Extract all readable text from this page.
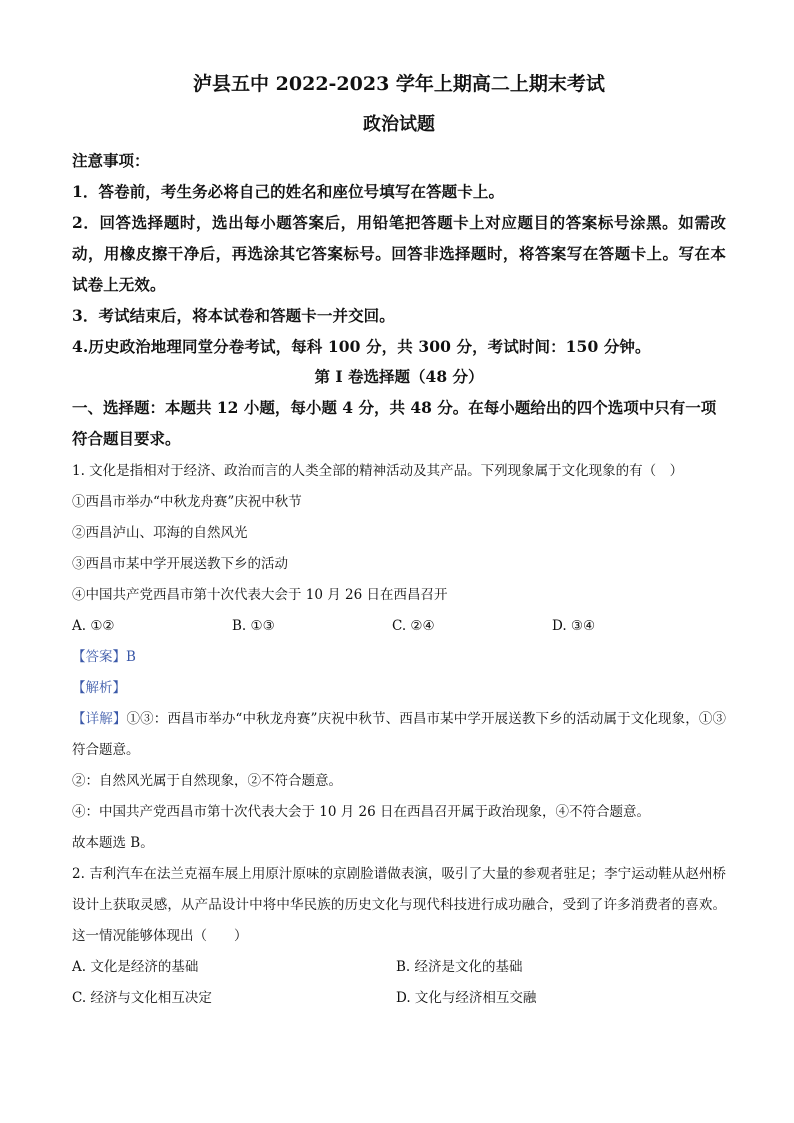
泸县五中 2022-2023 学年上期高二上期末考试
政治试题
注意事项：

1．答卷前，考生务必将自己的姓名和座位号填写在答题卡上。

2．回答选择题时，选出每小题答案后，用铅笔把答题卡上对应题目的答案标号涂黑。如需改动，用橡皮擦干净后，再选涂其它答案标号。回答非选择题时，将答案写在答题卡上。写在本试卷上无效。

3．考试结束后，将本试卷和答题卡一并交回。

4.历史政治地理同堂分卷考试，每科 100 分，共 300 分，考试时间：150 分钟。

第 I 卷选择题（48 分）

一、选择题：本题共 12 小题，每小题 4 分，共 48 分。在每小题给出的四个选项中只有一项符合题目要求。

1. 文化是指相对于经济、政治而言的人类全部的精神活动及其产品。下列现象属于文化现象的有（　）

①西昌市举办“中秋龙舟赛”庆祝中秋节

②西昌泸山、邛海的自然风光

③西昌市某中学开展送教下乡的活动

④中国共产党西昌市第十次代表大会于 10 月 26 日在西昌召开

A. ①②	B. ①③	C. ②④	D. ③④
【答案】B
【解析】

【详解】①③：西昌市举办“中秋龙舟赛”庆祝中秋节、西昌市某中学开展送教下乡的活动属于文化现象，①③符合题意。

②：自然风光属于自然现象，②不符合题意。

④：中国共产党西昌市第十次代表大会于 10 月 26 日在西昌召开属于政治现象，④不符合题意。

故本题选 B。

2. 吉利汽车在法兰克福车展上用原汁原味的京剧脸谱做表演，吸引了大量的参观者驻足；李宁运动鞋从赵州桥设计上获取灵感，从产品设计中将中华民族的历史文化与现代科技进行成功融合，受到了许多消费者的喜欢。这一情况能够体现出（　　）

A. 文化是经济的基础	B. 经济是文化的基础
C. 经济与文化相互决定	D. 文化与经济相互交融
